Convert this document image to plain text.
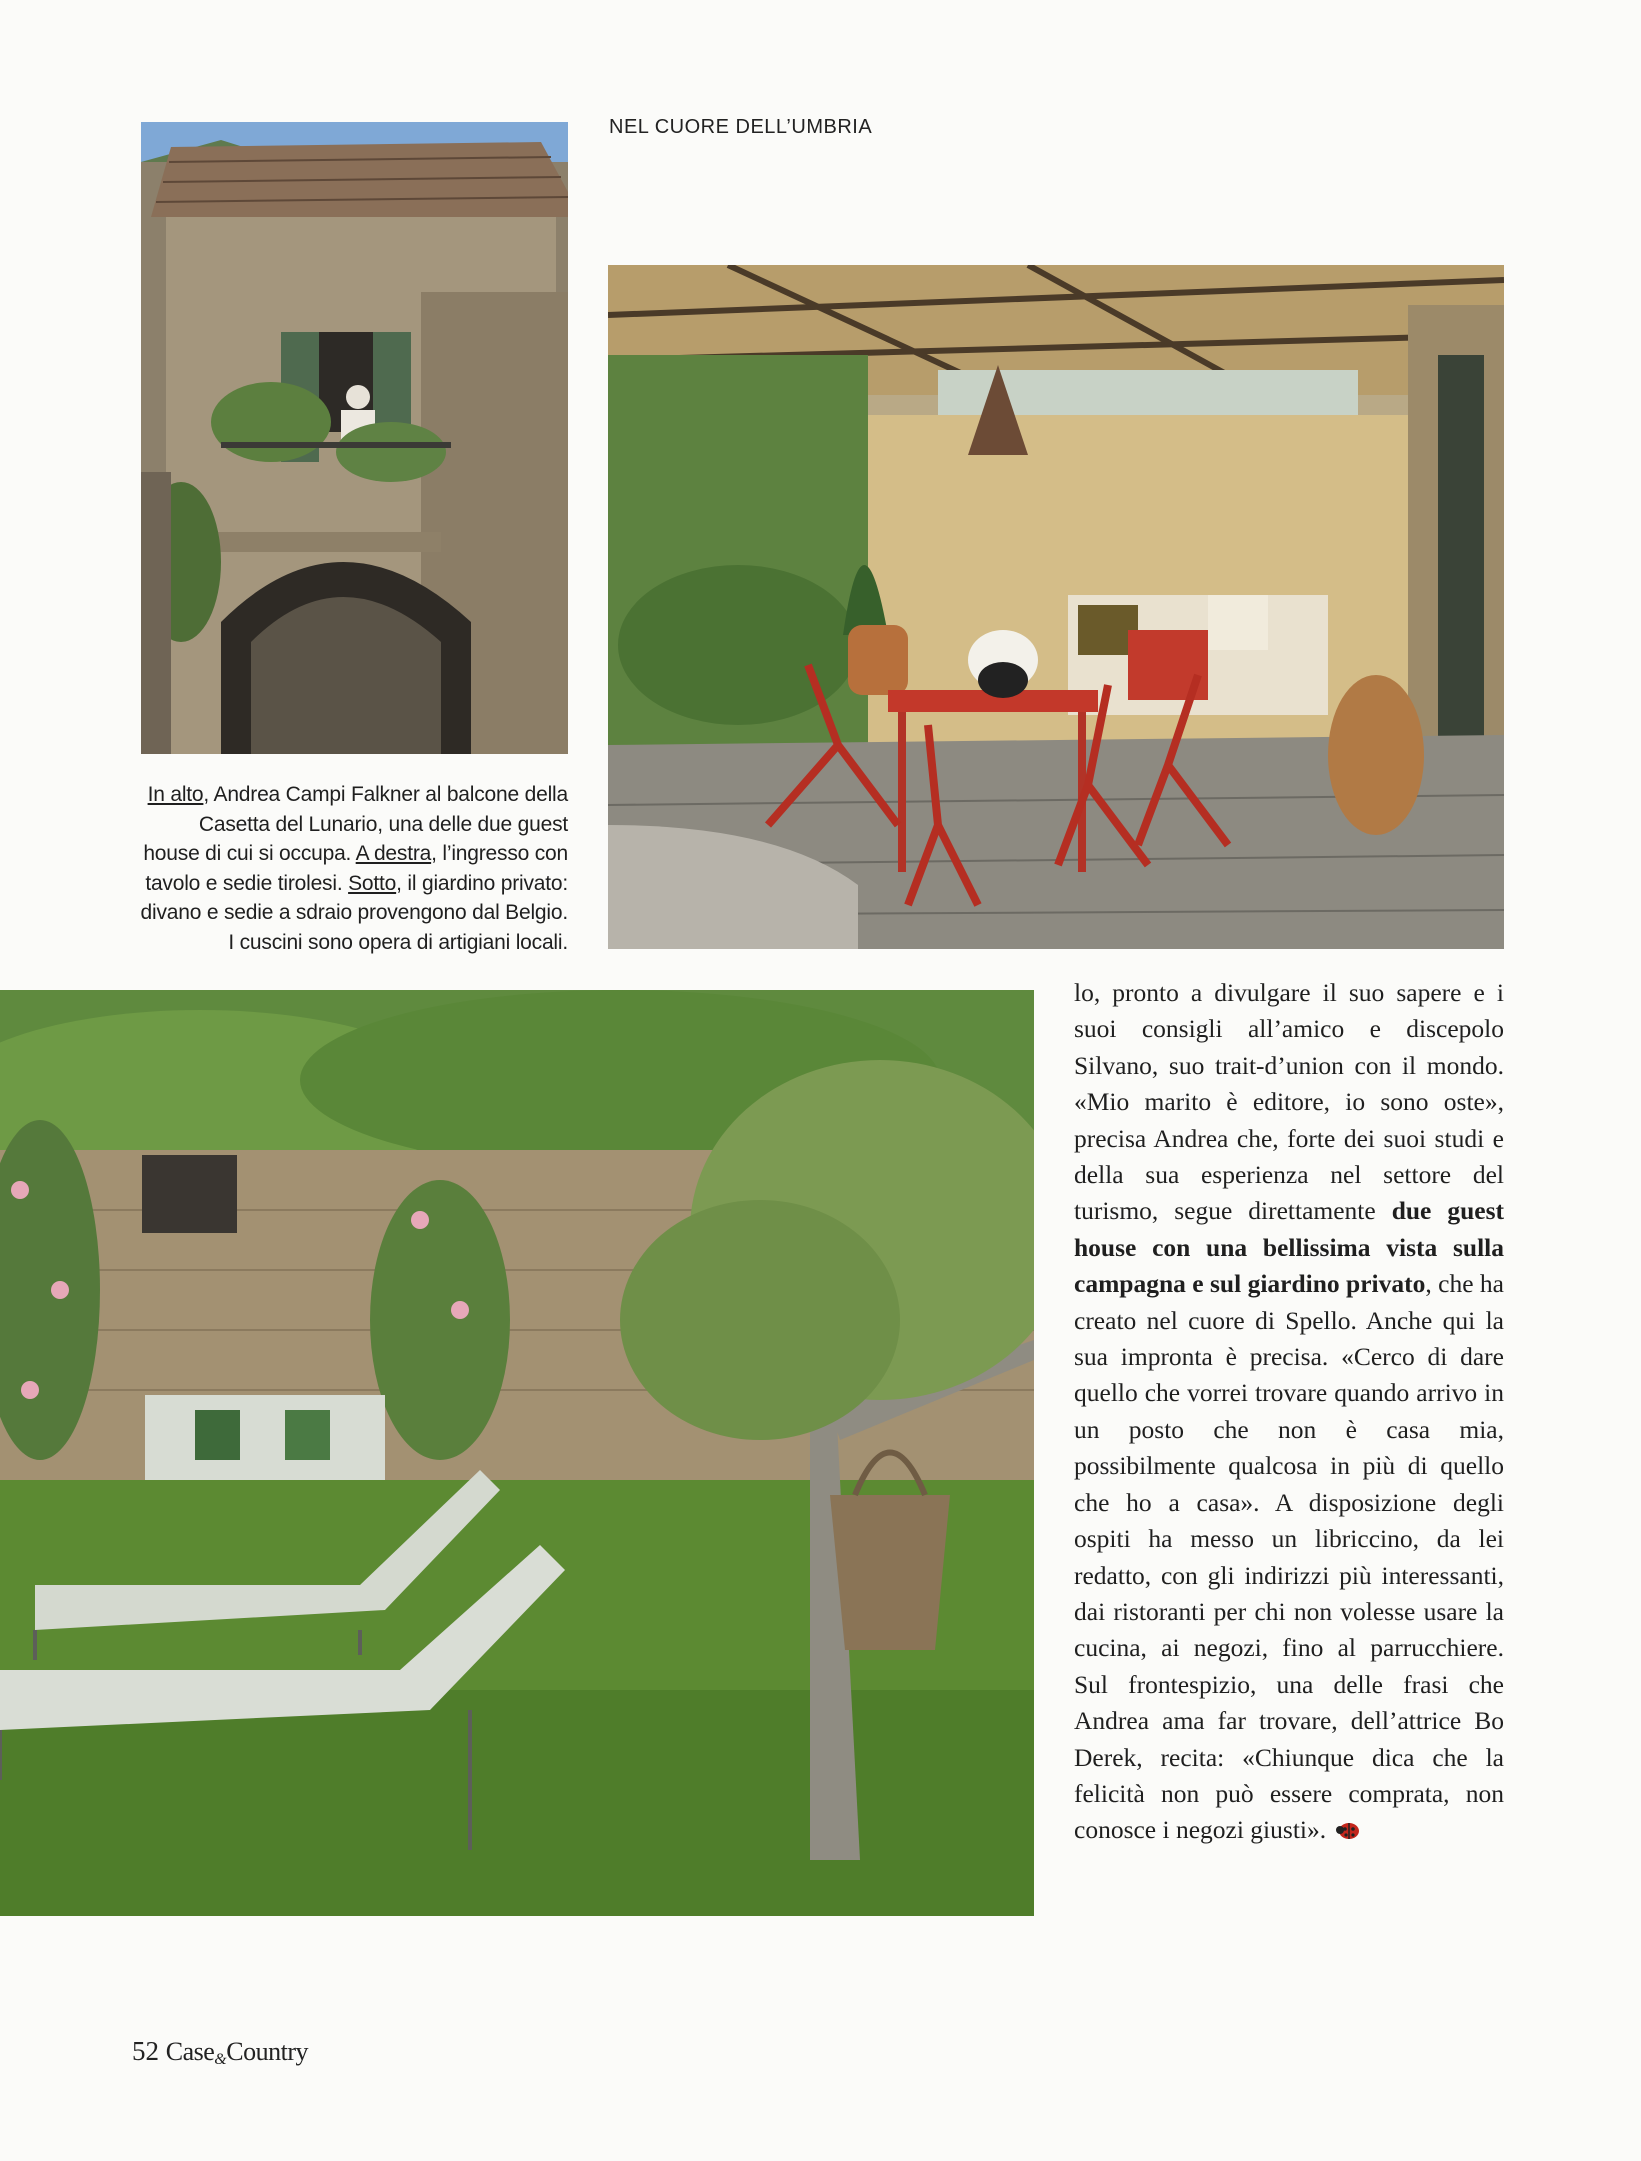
NEL CUORE DELL’UMBRIA
In alto, Andrea Campi Falkner al balcone della Casetta del Lunario, una delle due guest house di cui si occupa. A destra, l’ingresso con tavolo e sedie tirolesi. Sotto, il giardino privato: divano e sedie a sdraio provengono dal Belgio. I cuscini sono opera di artigiani locali.
lo, pronto a divulgare il suo sapere e i suoi consigli all’amico e discepolo Silvano, suo trait-d’union con il mondo. «Mio marito è editore, io sono oste», precisa Andrea che, forte dei suoi studi e della sua esperienza nel settore del turismo, segue direttamente due guest house con una bellissima vista sulla campagna e sul giardino privato, che ha creato nel cuore di Spello. Anche qui la sua impronta è precisa. «Cerco di dare quello che vorrei trovare quando arrivo in un posto che non è casa mia, possibilmente qualcosa in più di quello che ho a casa». A disposizione degli ospiti ha messo un libriccino, da lei redatto, con gli indirizzi più interessanti, dai ristoranti per chi non volesse usare la cucina, ai negozi, fino al parrucchiere. Sul frontespizio, una delle frasi che Andrea ama far trovare, dell’attrice Bo Derek, recita: «Chiunque dica che la felicità non può essere comprata, non conosce i negozi giusti».
52 Case&Country
